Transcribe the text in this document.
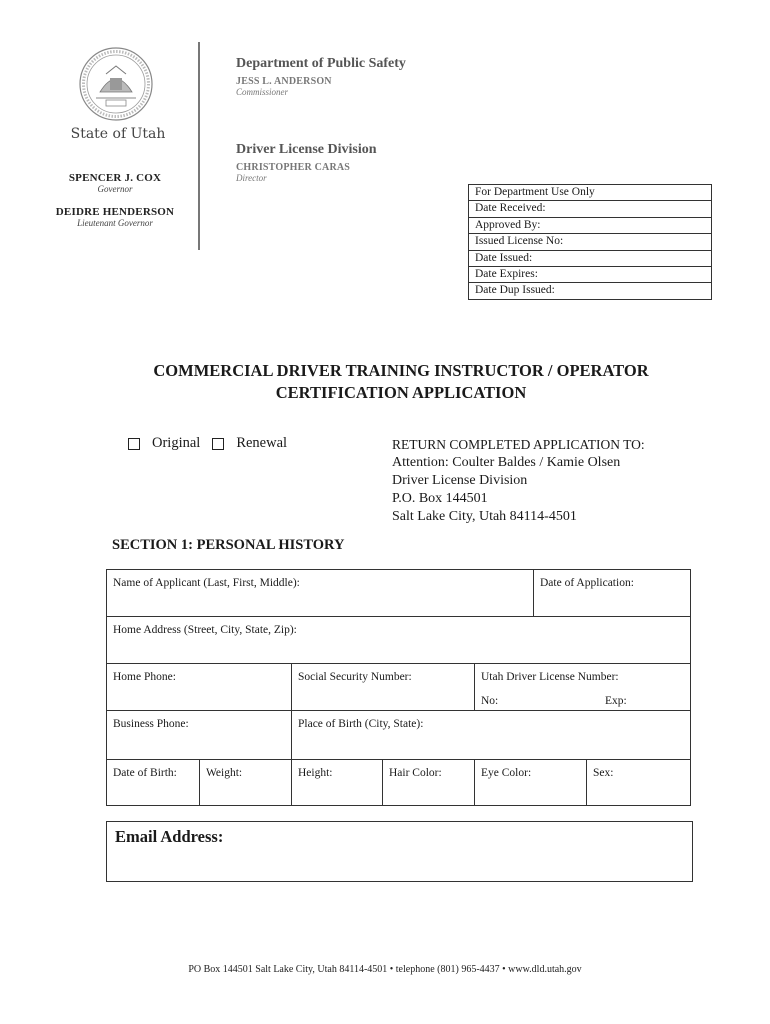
State of Utah
SPENCER J. COX
Governor
DEIDRE HENDERSON
Lieutenant Governor
Department of Public Safety
JESS L. ANDERSON
Commissioner
Driver License Division
CHRISTOPHER CARAS
Director
For Department Use Only
Date Received:
Approved By:
Issued License No:
Date Issued:
Date Expires:
Date Dup Issued:
COMMERCIAL DRIVER TRAINING INSTRUCTOR / OPERATOR
CERTIFICATION APPLICATION
Original Renewal	RETURN COMPLETED APPLICATION TO:
Attention: Coulter Baldes / Kamie Olsen
Driver License Division
P.O. Box 144501
Salt Lake City, Utah 84114-4501
SECTION 1: PERSONAL HISTORY
Name of Applicant (Last, First, Middle):	Date of Application:
Home Address (Street, City, State, Zip):
Home Phone:	Social Security Number:	Utah Driver License Number:
No:	Exp:
Business Phone:	Place of Birth (City, State):
Date of Birth:	Weight:	Height:	Hair Color:	Eye Color:	Sex:
Email Address:
PO Box 144501 Salt Lake City, Utah 84114-4501 • telephone (801) 965-4437 • www.dld.utah.gov
